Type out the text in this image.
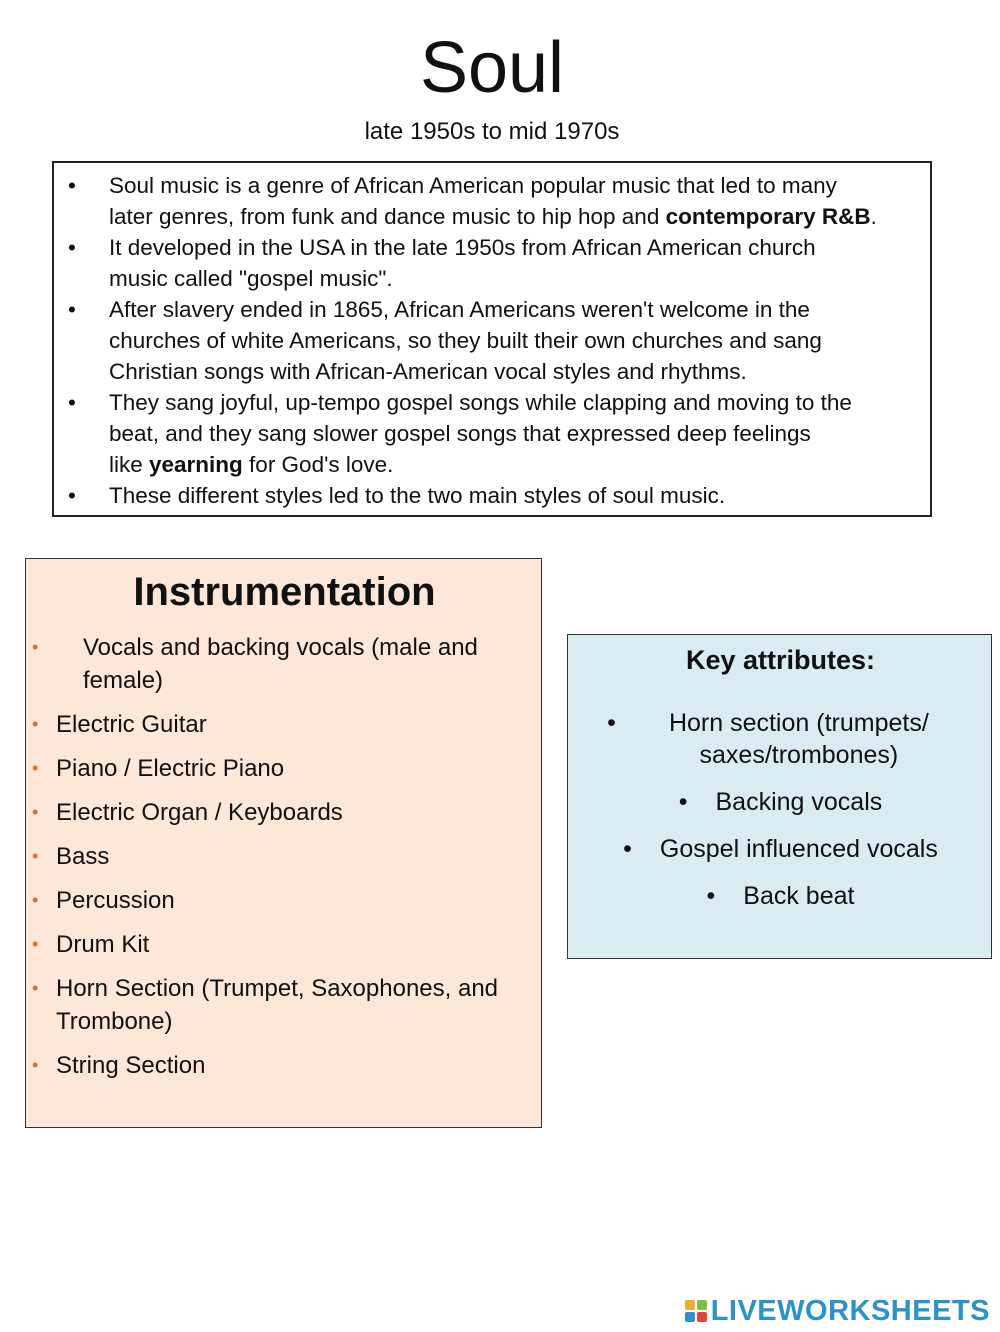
Soul
late 1950s to mid 1970s
• Soul music is a genre of African American popular music that led to many
later genres, from funk and dance music to hip hop and contemporary R&B.
• It developed in the USA in the late 1950s from African American church
music called "gospel music".
• After slavery ended in 1865, African Americans weren't welcome in the
churches of white Americans, so they built their own churches and sang
Christian songs with African-American vocal styles and rhythms.
• They sang joyful, up-tempo gospel songs while clapping and moving to the
beat, and they sang slower gospel songs that expressed deep feelings
like yearning for God's love.
• These different styles led to the two main styles of soul music.
Instrumentation
• Vocals and backing vocals (male and female)
• Electric Guitar
• Piano / Electric Piano
• Electric Organ / Keyboards
• Bass
• Percussion
• Drum Kit
• Horn Section (Trumpet, Saxophones, and Trombone)
• String Section
Key attributes:
• Horn section (trumpets/ saxes/trombones)
• Backing vocals
• Gospel influenced vocals
• Back beat
LIVEWORKSHEETS
